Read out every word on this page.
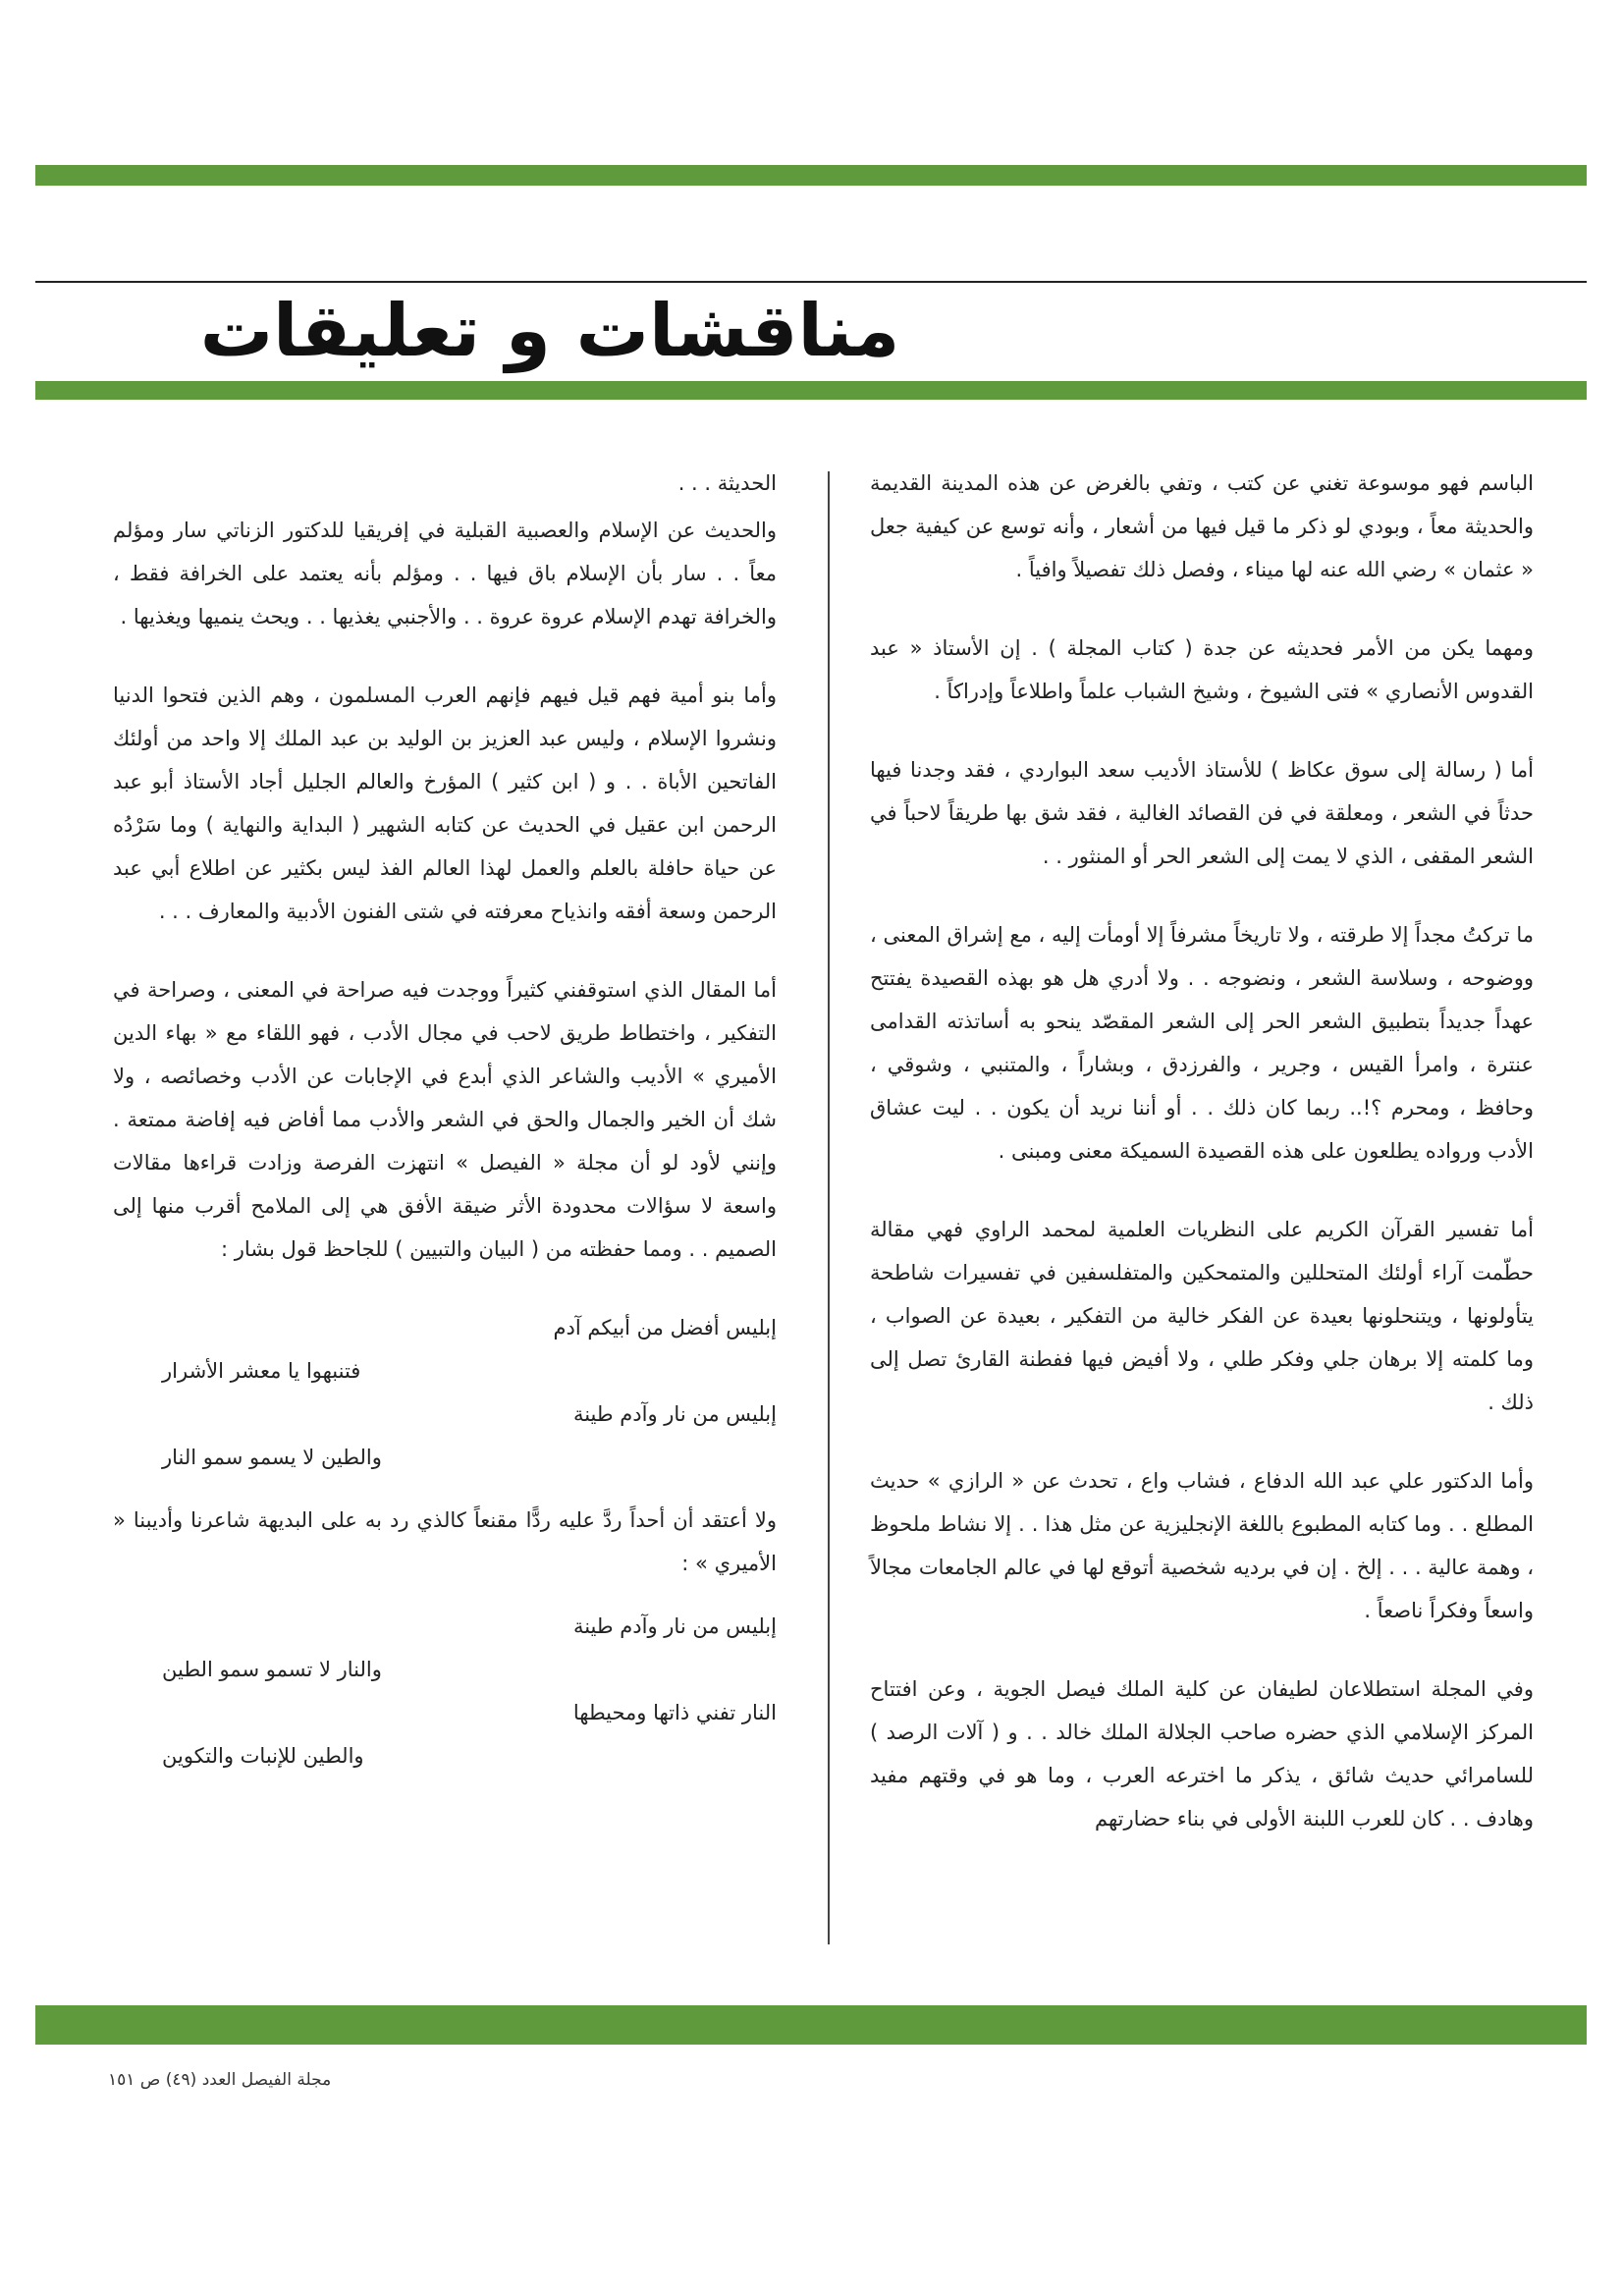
مناقشات و تعليقات

الباسم فهو موسوعة تغني عن كتب ، وتفي بالغرض عن هذه المدينة القديمة والحديثة معاً ، وبودي لو ذكر ما قيل فيها من أشعار ، وأنه توسع عن كيفية جعل « عثمان » رضي الله عنه لها ميناء ، وفصل ذلك تفصيلاً وافياً .

ومهما يكن من الأمر فحديثه عن جدة ( كتاب المجلة ) . إن الأستاذ « عبد القدوس الأنصاري » فتى الشيوخ ، وشيخ الشباب علماً واطلاعاً وإدراكاً .

أما ( رسالة إلى سوق عكاظ ) للأستاذ الأديب سعد البواردي ، فقد وجدنا فيها حدثاً في الشعر ، ومعلقة في فن القصائد الغالية ، فقد شق بها طريقاً لاحباً في الشعر المقفى ، الذي لا يمت إلى الشعر الحر أو المنثور . .

ما تركتُ مجداً إلا طرقته ، ولا تاريخاً مشرفاً إلا أومأت إليه ، مع إشراق المعنى ، ووضوحه ، وسلاسة الشعر ، ونضوجه . . ولا أدري هل هو بهذه القصيدة يفتتح عهداً جديداً بتطبيق الشعر الحر إلى الشعر المقصّد ينحو به أساتذته القدامى عنترة ، وامرأ القيس ، وجرير ، والفرزدق ، وبشاراً ، والمتنبي ، وشوقي ، وحافظ ، ومحرم ؟!.. ربما كان ذلك . . أو أننا نريد أن يكون . . ليت عشاق الأدب ورواده يطلعون على هذه القصيدة السميكة معنى ومبنى .

أما تفسير القرآن الكريم على النظريات العلمية لمحمد الراوي فهي مقالة حطّمت آراء أولئك المتحللين والمتمحكين والمتفلسفين في تفسيرات شاطحة يتأولونها ، ويتنحلونها بعيدة عن الفكر خالية من التفكير ، بعيدة عن الصواب ، وما كلمته إلا برهان جلي وفكر طلي ، ولا أفيض فيها ففطنة القارئ تصل إلى ذلك .

وأما الدكتور علي عبد الله الدفاع ، فشاب واع ، تحدث عن « الرازي » حديث المطلع . . وما كتابه المطبوع باللغة الإنجليزية عن مثل هذا . . إلا نشاط ملحوظ ، وهمة عالية . . . إلخ . إن في برديه شخصية أتوقع لها في عالم الجامعات مجالاً واسعاً وفكراً ناصعاً .

وفي المجلة استطلاعان لطيفان عن كلية الملك فيصل الجوية ، وعن افتتاح المركز الإسلامي الذي حضره صاحب الجلالة الملك خالد . . و ( آلات الرصد ) للسامرائي حديث شائق ، يذكر ما اخترعه العرب ، وما هو في وقتهم مفيد وهادف . . كان للعرب اللبنة الأولى في بناء حضارتهم

الحديثة . . .

والحديث عن الإسلام والعصبية القبلية في إفريقيا للدكتور الزناتي سار ومؤلم معاً . . سار بأن الإسلام باق فيها . . ومؤلم بأنه يعتمد على الخرافة فقط ، والخرافة تهدم الإسلام عروة عروة . . والأجنبي يغذيها . . ويحث ينميها ويغذيها .

وأما بنو أمية فهم قيل فيهم فإنهم العرب المسلمون ، وهم الذين فتحوا الدنيا ونشروا الإسلام ، وليس عبد العزيز بن الوليد بن عبد الملك إلا واحد من أولئك الفاتحين الأباة . . و ( ابن كثير ) المؤرخ والعالم الجليل أجاد الأستاذ أبو عبد الرحمن ابن عقيل في الحديث عن كتابه الشهير ( البداية والنهاية ) وما سَرْدُه عن حياة حافلة بالعلم والعمل لهذا العالم الفذ ليس بكثير عن اطلاع أبي عبد الرحمن وسعة أفقه وانذياح معرفته في شتى الفنون الأدبية والمعارف . . .

أما المقال الذي استوقفني كثيراً ووجدت فيه صراحة في المعنى ، وصراحة في التفكير ، واختطاط طريق لاحب في مجال الأدب ، فهو اللقاء مع « بهاء الدين الأميري » الأديب والشاعر الذي أبدع في الإجابات عن الأدب وخصائصه ، ولا شك أن الخير والجمال والحق في الشعر والأدب مما أفاض فيه إفاضة ممتعة . وإنني لأود لو أن مجلة « الفيصل » انتهزت الفرصة وزادت قراءها مقالات واسعة لا سؤالات محدودة الأثر ضيقة الأفق هي إلى الملامح أقرب منها إلى الصميم . . ومما حفظته من ( البيان والتبيين ) للجاحظ قول بشار :

إبليس أفضل من أبيكم آدم
فتنبهوا يا معشر الأشرار
إبليس من نار وآدم طينة
والطين لا يسمو سمو النار

ولا أعتقد أن أحداً ردَّ عليه ردًّا مقنعاً كالذي رد به على البديهة شاعرنا وأديبنا « الأميري » :

إبليس من نار وآدم طينة
والنار لا تسمو سمو الطين
النار تفني ذاتها ومحيطها
والطين للإنبات والتكوين
مجلة الفيصل العدد (٤٩) ص ١٥١
